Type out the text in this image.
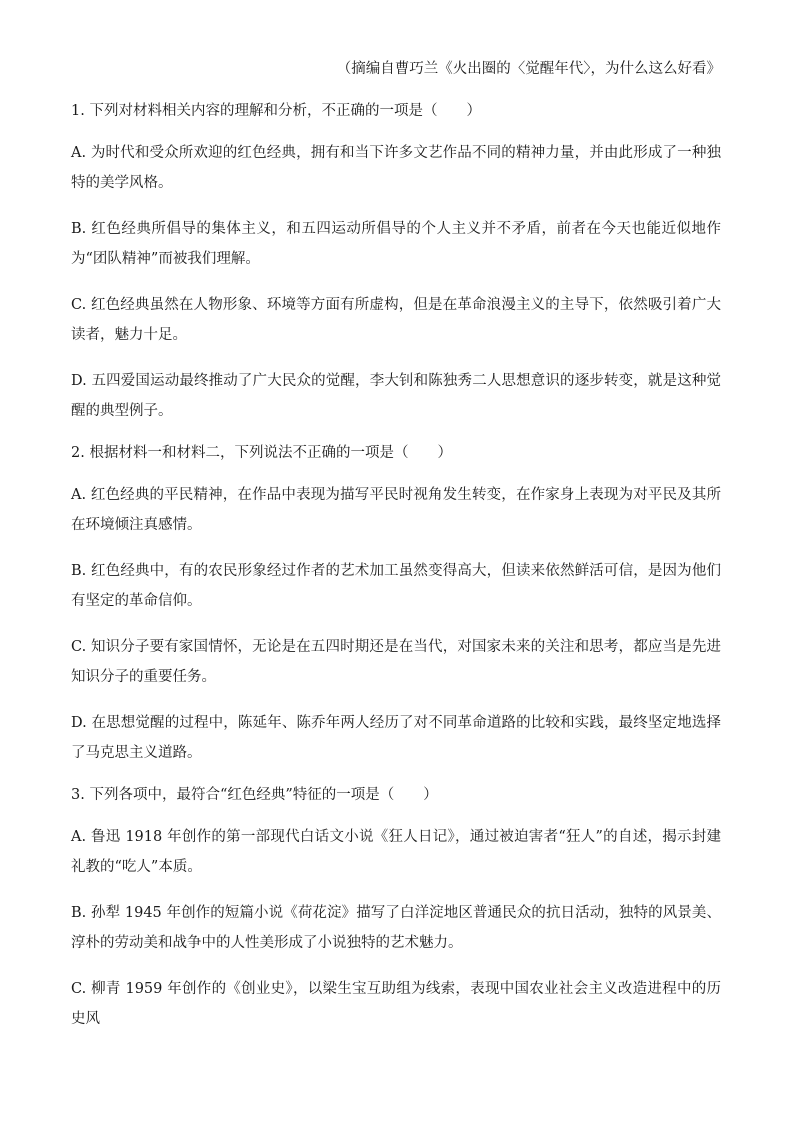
（摘编自曹巧兰《火出圈的〈觉醒年代〉，为什么这么好看》

1. 下列对材料相关内容的理解和分析，不正确的一项是（　　）

A. 为时代和受众所欢迎的红色经典，拥有和当下许多文艺作品不同的精神力量，并由此形成了一种独特的美学风格。

B. 红色经典所倡导的集体主义，和五四运动所倡导的个人主义并不矛盾，前者在今天也能近似地作为“团队精神”而被我们理解。

C. 红色经典虽然在人物形象、环境等方面有所虚构，但是在革命浪漫主义的主导下，依然吸引着广大读者，魅力十足。

D. 五四爱国运动最终推动了广大民众的觉醒，李大钊和陈独秀二人思想意识的逐步转变，就是这种觉醒的典型例子。

2. 根据材料一和材料二，下列说法不正确的一项是（　　）

A. 红色经典的平民精神，在作品中表现为描写平民时视角发生转变，在作家身上表现为对平民及其所在环境倾注真感情。

B. 红色经典中，有的农民形象经过作者的艺术加工虽然变得高大，但读来依然鲜活可信，是因为他们有坚定的革命信仰。

C. 知识分子要有家国情怀，无论是在五四时期还是在当代，对国家未来的关注和思考，都应当是先进知识分子的重要任务。

D. 在思想觉醒的过程中，陈延年、陈乔年两人经历了对不同革命道路的比较和实践，最终坚定地选择了马克思主义道路。

3. 下列各项中，最符合“红色经典”特征的一项是（　　）

A. 鲁迅 1918 年创作的第一部现代白话文小说《狂人日记》，通过被迫害者“狂人”的自述，揭示封建礼教的“吃人”本质。

B. 孙犁 1945 年创作的短篇小说《荷花淀》描写了白洋淀地区普通民众的抗日活动，独特的风景美、淳朴的劳动美和战争中的人性美形成了小说独特的艺术魅力。

C. 柳青 1959 年创作的《创业史》，以梁生宝互助组为线索，表现中国农业社会主义改造进程中的历史风
